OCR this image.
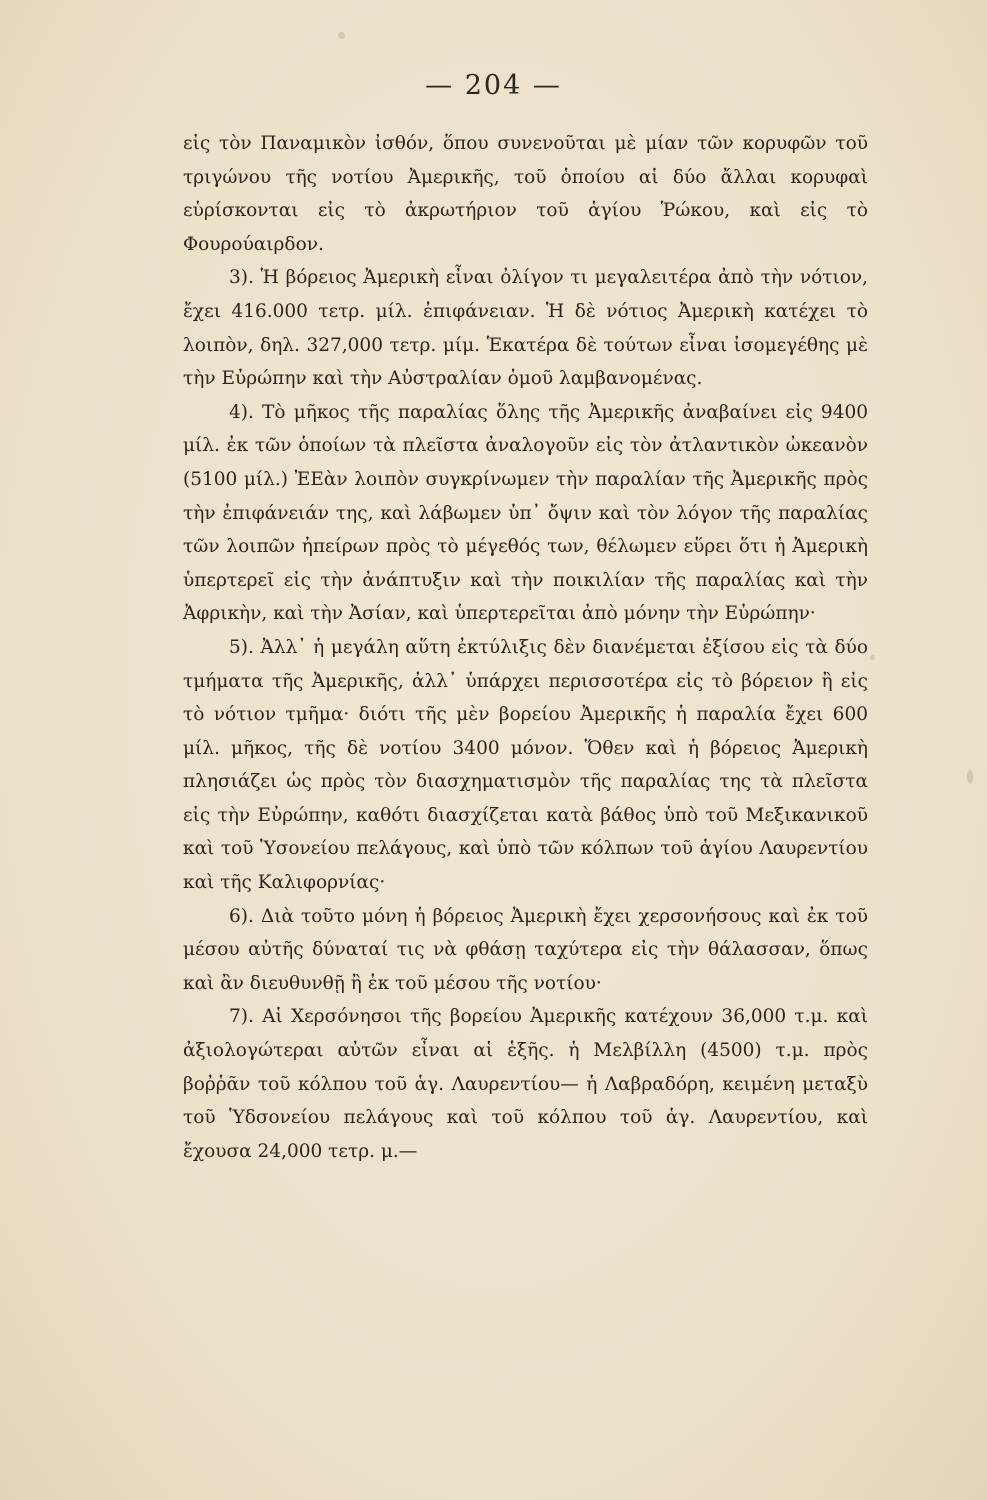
— 204 —

εἰς τὸν Παναμικὸν ἰσθόν, ὅπου συνενοῦται μὲ μίαν τῶν κορυφῶν τοῦ τριγώνου τῆς νοτίου Ἀμερικῆς, τοῦ ὁποίου αἱ δύο ἄλλαι κορυφαὶ εὑρίσκονται εἰς τὸ ἀκρωτήριον τοῦ ἁγίου Ῥώκου, καὶ εἰς τὸ Φουρούαιρδον.

3). Ἡ βόρειος Ἀμερικὴ εἶναι ὀλίγον τι μεγαλειτέρα ἀπὸ τὴν νότιον, ἔχει 416.000 τετρ. μίλ. ἐπιφάνειαν. Ἡ δὲ νότιος Ἀμερικὴ κατέχει τὸ λοιπὸν, δηλ. 327,000 τετρ. μίμ. Ἑκατέρα δὲ τούτων εἶναι ἰσομεγέθης μὲ τὴν Εὐρώπην καὶ τὴν Αὐστραλίαν ὁμοῦ λαμβανομένας.

4). Τὸ μῆκος τῆς παραλίας ὅλης τῆς Ἀμερικῆς ἀναβαίνει εἰς 9400 μίλ. ἐκ τῶν ὁποίων τὰ πλεῖστα ἀναλογοῦν εἰς τὸν ἀτλαντικὸν ὠκεανὸν (5100 μίλ.) ἘΕὰν λοιπὸν συγκρίνωμεν τὴν παραλίαν τῆς Ἀμερικῆς πρὸς τὴν ἐπιφάνειάν της, καὶ λάβωμεν ὑπ᾽ ὄψιν καὶ τὸν λόγον τῆς παραλίας τῶν λοιπῶν ἠπείρων πρὸς τὸ μέγεθός των, θέλωμεν εὕρει ὅτι ἡ Ἀμερικὴ ὑπερτερεῖ εἰς τὴν ἀνάπτυξιν καὶ τὴν ποικιλίαν τῆς παραλίας καὶ τὴν Ἀφρικὴν, καὶ τὴν Ἀσίαν, καὶ ὑπερτερεῖται ἀπὸ μόνην τὴν Εὐρώπην·

5). Ἀλλ᾽ ἡ μεγάλη αὕτη ἐκτύλιξις δὲν διανέμεται ἐξίσου εἰς τὰ δύο τμήματα τῆς Ἀμερικῆς, ἀλλ᾽ ὑπάρχει περισσοτέρα εἰς τὸ βόρειον ἢ εἰς τὸ νότιον τμῆμα· διότι τῆς μὲν βορείου Ἀμερικῆς ἡ παραλία ἔχει 600 μίλ. μῆκος, τῆς δὲ νοτίου 3400 μόνον. Ὅθεν καὶ ἡ βόρειος Ἀμερικὴ πλησιάζει ὡς πρὸς τὸν διασχηματισμὸν τῆς παραλίας της τὰ πλεῖστα εἰς τὴν Εὐρώπην, καθότι διασχίζεται κατὰ βάθος ὑπὸ τοῦ Μεξικανικοῦ καὶ τοῦ Ὑσονείου πελάγους, καὶ ὑπὸ τῶν κόλπων τοῦ ἁγίου Λαυρεντίου καὶ τῆς Καλιφορνίας·

6). Διὰ τοῦτο μόνη ἡ βόρειος Ἀμερικὴ ἔχει χερσονήσους καὶ ἐκ τοῦ μέσου αὐτῆς δύναταί τις νὰ φθάσῃ ταχύτερα εἰς τὴν θάλασσαν, ὅπως καὶ ἂν διευθυνθῇ ἢ ἐκ τοῦ μέσου τῆς νοτίου·

7). Αἱ Χερσόνησοι τῆς βορείου Ἀμερικῆς κατέχουν 36,000 τ.μ. καὶ ἀξιολογώτεραι αὐτῶν εἶναι αἱ ἑξῆς. ἡ Μελβίλλη (4500) τ.μ. πρὸς βοῤῥᾶν τοῦ κόλπου τοῦ ἁγ. Λαυρεντίου— ἡ Λαβραδόρη, κειμένη μεταξὺ τοῦ Ὑδσονείου πελάγους καὶ τοῦ κόλπου τοῦ ἁγ. Λαυρεντίου, καὶ ἔχουσα 24,000 τετρ. μ.—
